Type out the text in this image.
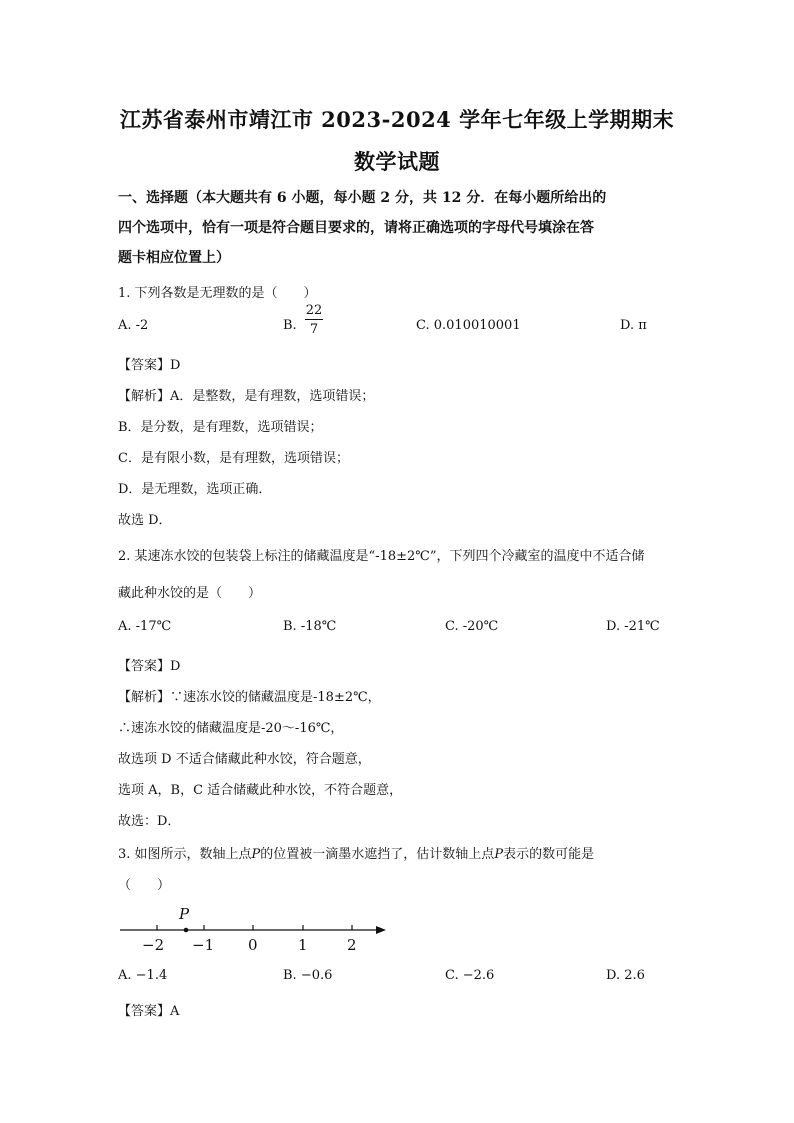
江苏省泰州市靖江市 2023-2024 学年七年级上学期期末
数学试题
一、选择题（本大题共有 6 小题，每小题 2 分，共 12 分．在每小题所给出的
四个选项中，恰有一项是符合题目要求的，请将正确选项的字母代号填涂在答
题卡相应位置上）
1. 下列各数是无理数的是（　　）
A. -2	B.
22
7	C. 0.010010001	D. π
【答案】D
【解析】A．是整数，是有理数，选项错误；
B．是分数，是有理数，选项错误；
C．是有限小数，是有理数，选项错误；
D．是无理数，选项正确．
故选 D．
2. 某速冻水饺的包装袋上标注的储藏温度是“-18±2℃”，下列四个冷藏室的温度中不适合储
藏此种水饺的是（　　）
A. -17℃	B. -18℃	C. -20℃	D. -21℃
【答案】D
【解析】∵速冻水饺的储藏温度是-18±2℃，
∴速冻水饺的储藏温度是-20～-16℃，
故选项 D 不适合储藏此种水饺，符合题意，
选项 A，B，C 适合储藏此种水饺，不符合题意，
故选：D．
3. 如图所示，数轴上点P的位置被一滴墨水遮挡了，估计数轴上点P表示的数可能是
（　　）
P
−2 −1 0	1	2
A. −1.4	B. −0.6	C. −2.6	D. 2.6
【答案】A
